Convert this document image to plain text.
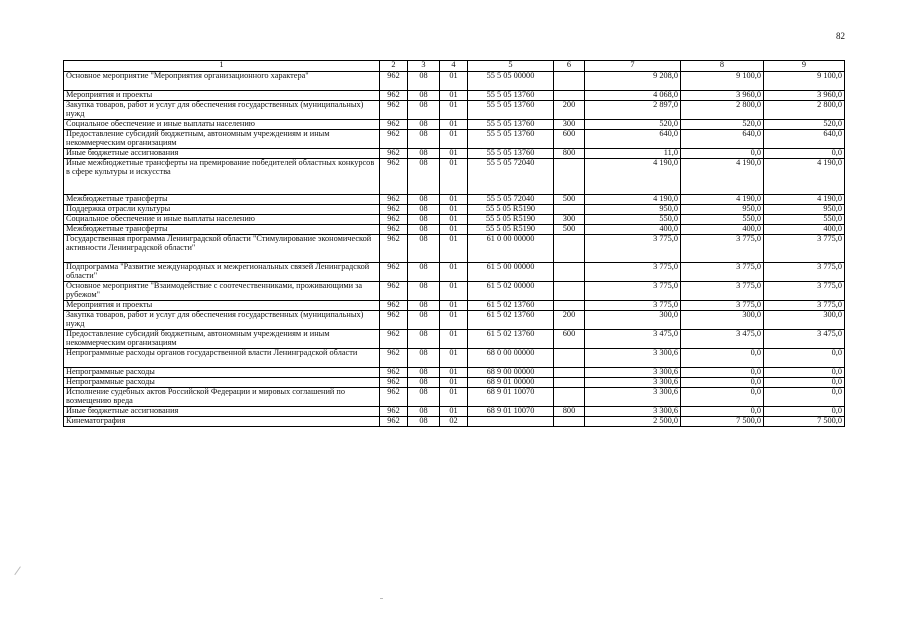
82
1	2	3	4	5	6	7	8	9
Основное мероприятие "Мероприятия организационного характера"	962	08	01	55 5 05 00000		9 208,0	9 100,0	9 100,0
Мероприятия и проекты	962	08	01	55 5 05 13760		4 068,0	3 960,0	3 960,0
Закупка товаров, работ и услуг для обеспечения государственных (муниципальных) нужд	962	08	01	55 5 05 13760	200	2 897,0	2 800,0	2 800,0
Социальное обеспечение и иные выплаты населению	962	08	01	55 5 05 13760	300	520,0	520,0	520,0
Предоставление субсидий бюджетным, автономным учреждениям и иным некоммерческим организациям	962	08	01	55 5 05 13760	600	640,0	640,0	640,0
Иные бюджетные ассигнования	962	08	01	55 5 05 13760	800	11,0	0,0	0,0
Иные межбюджетные трансферты на премирование победителей областных конкурсов в сфере культуры и искусства	962	08	01	55 5 05 72040		4 190,0	4 190,0	4 190,0
Межбюджетные трансферты	962	08	01	55 5 05 72040	500	4 190,0	4 190,0	4 190,0
Поддержка отрасли культуры	962	08	01	55 5 05 R5190		950,0	950,0	950,0
Социальное обеспечение и иные выплаты населению	962	08	01	55 5 05 R5190	300	550,0	550,0	550,0
Межбюджетные трансферты	962	08	01	55 5 05 R5190	500	400,0	400,0	400,0
Государственная программа Ленинградской области "Стимулирование экономической активности Ленинградской области"	962	08	01	61 0 00 00000		3 775,0	3 775,0	3 775,0
Подпрограмма "Развитие международных и межрегиональных связей Ленинградской области"	962	08	01	61 5 00 00000		3 775,0	3 775,0	3 775,0
Основное мероприятие "Взаимодействие с соотечественниками, проживающими за рубежом"	962	08	01	61 5 02 00000		3 775,0	3 775,0	3 775,0
Мероприятия и проекты	962	08	01	61 5 02 13760		3 775,0	3 775,0	3 775,0
Закупка товаров, работ и услуг для обеспечения государственных (муниципальных) нужд	962	08	01	61 5 02 13760	200	300,0	300,0	300,0
Предоставление субсидий бюджетным, автономным учреждениям и иным некоммерческим организациям	962	08	01	61 5 02 13760	600	3 475,0	3 475,0	3 475,0
Непрограммные расходы органов государственной власти Ленинградской области	962	08	01	68 0 00 00000		3 300,6	0,0	0,0
Непрограммные расходы	962	08	01	68 9 00 00000		3 300,6	0,0	0,0
Непрограммные расходы	962	08	01	68 9 01 00000		3 300,6	0,0	0,0
Исполнение судебных актов Российской Федерации и мировых соглашений по возмещению вреда	962	08	01	68 9 01 10070		3 300,6	0,0	0,0
Иные бюджетные ассигнования	962	08	01	68 9 01 10070	800	3 300,6	0,0	0,0
Кинематография	962	08	02			2 500,0	7 500,0	7 500,0
